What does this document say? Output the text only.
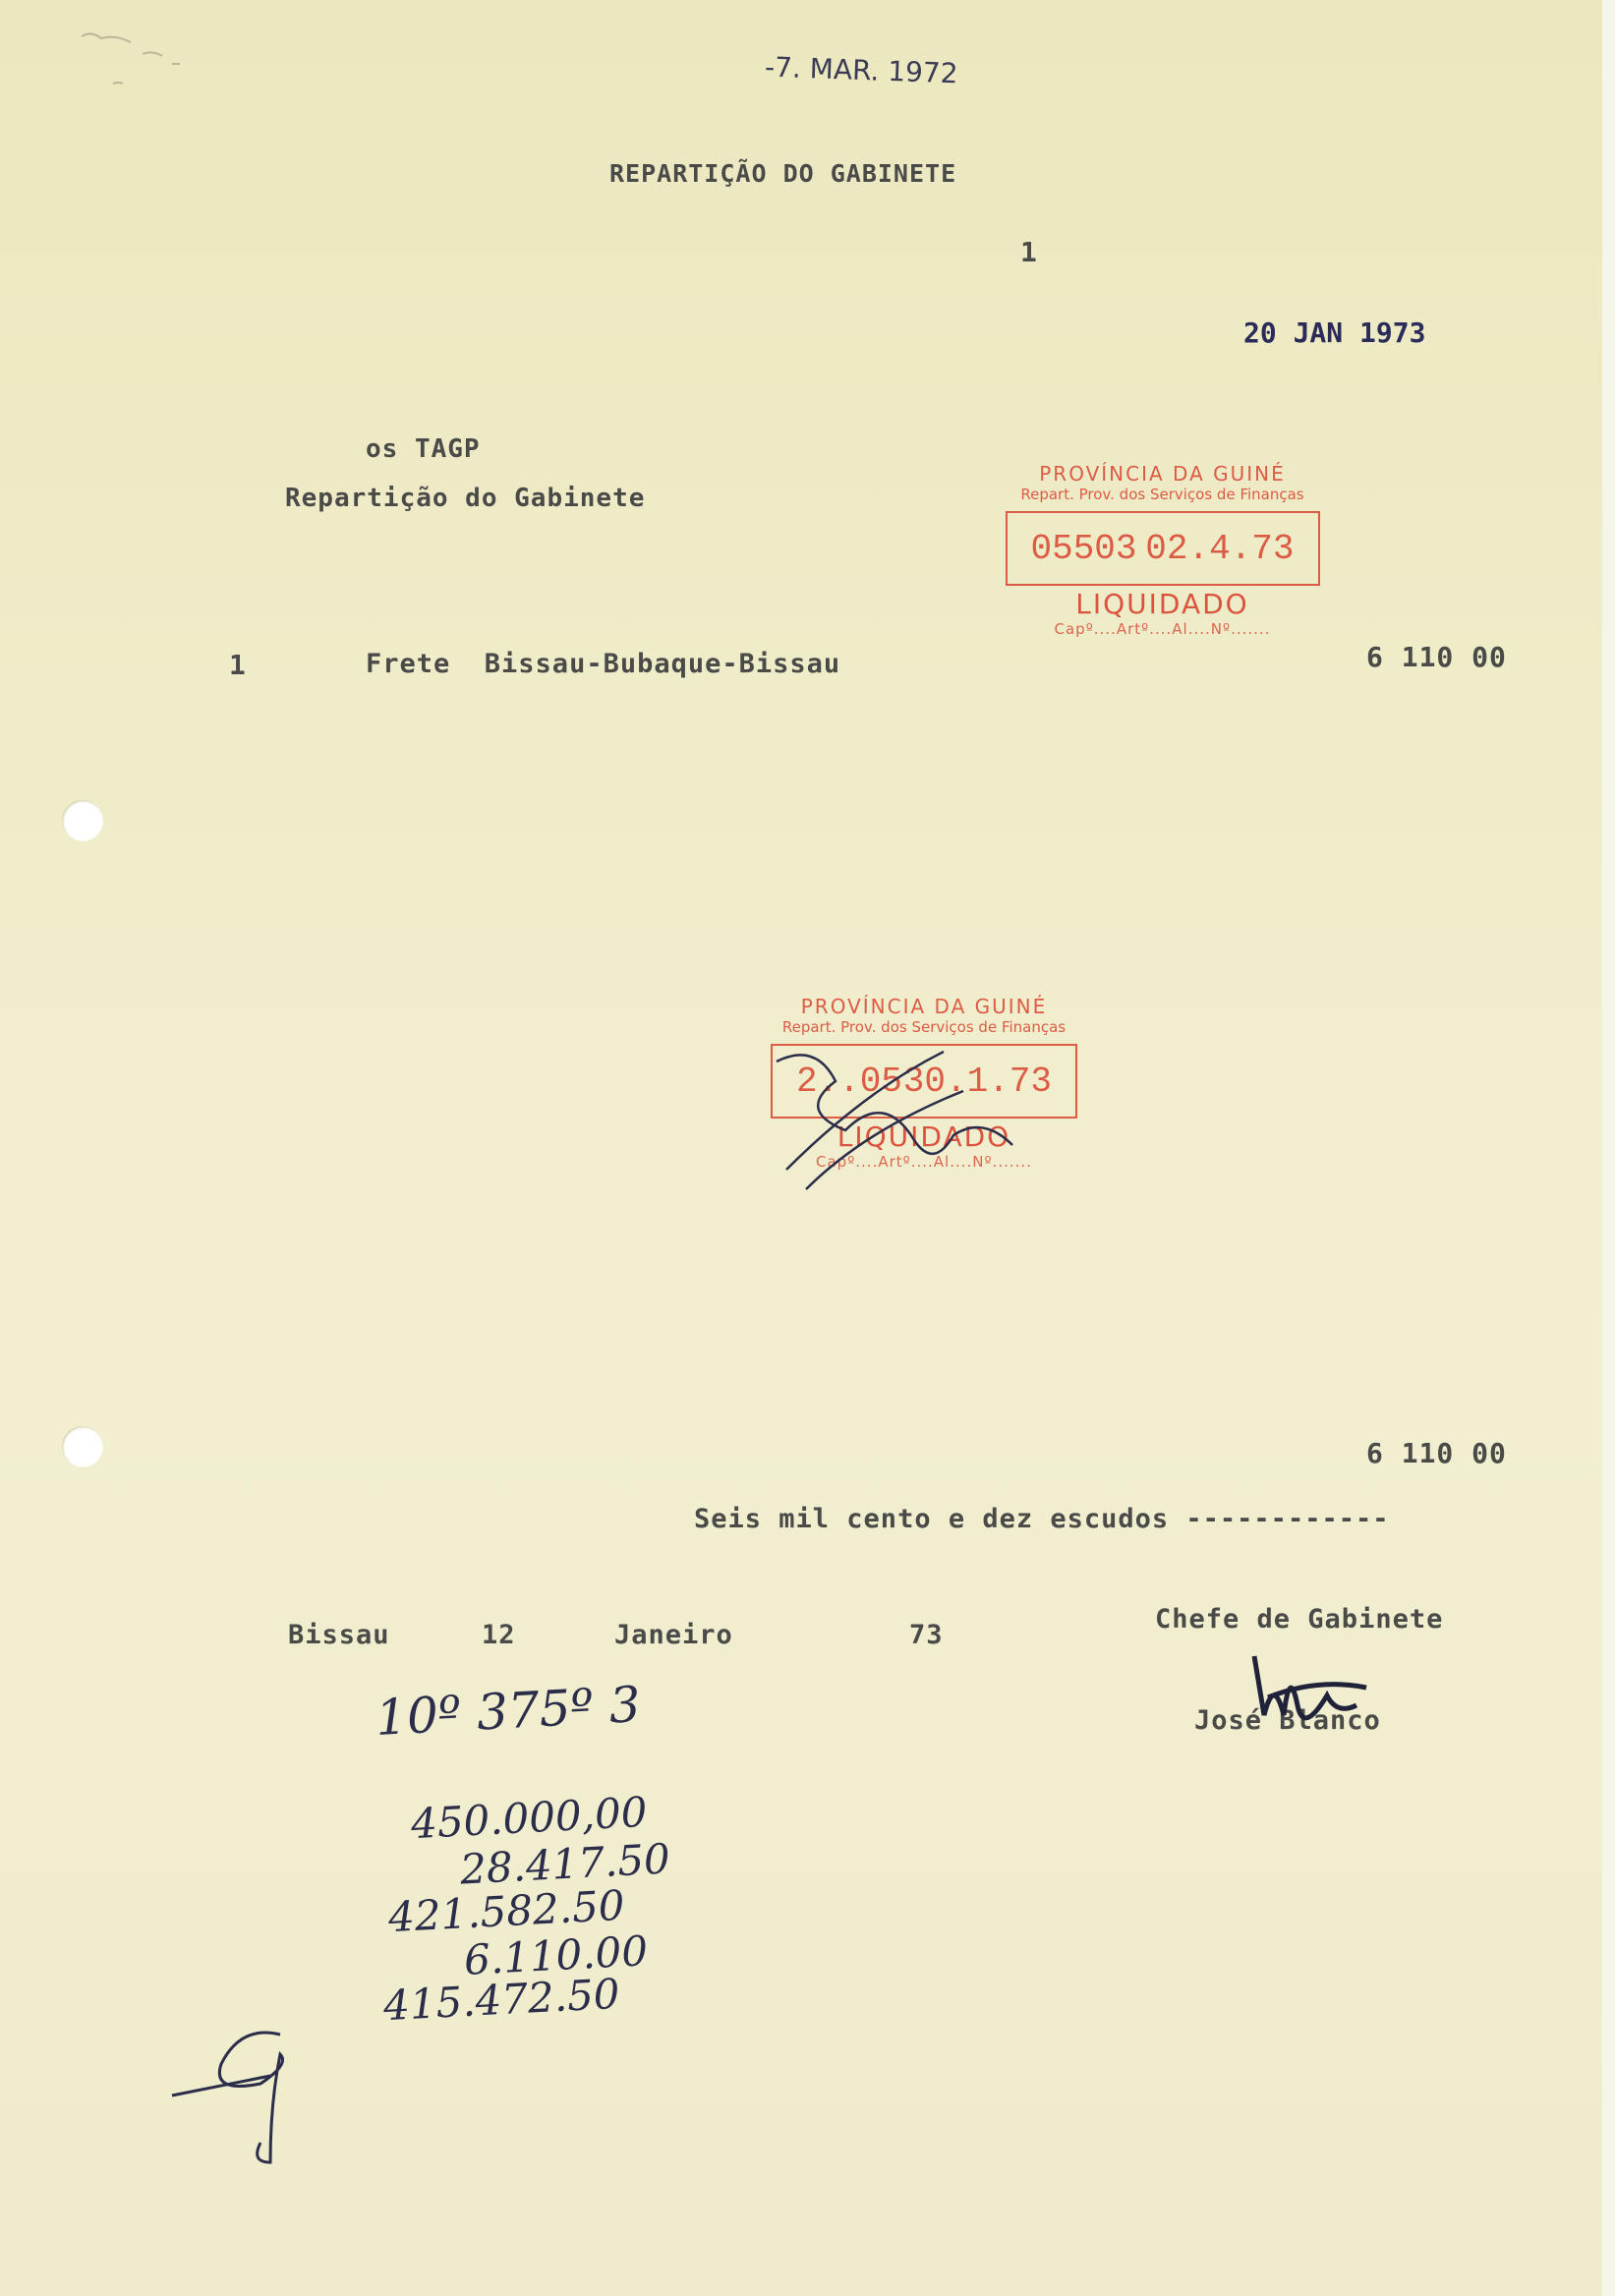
-7. MAR. 1972
REPARTIÇÃO DO GABINETE
1
20 JAN 1973
os TAGP
Repartição do Gabinete
PROVÍNCIA DA GUINÉ
Repart. Prov. dos Serviços de Finanças
05503 02.4.73
LIQUIDADO
Capº....Artº....Al....Nº.......
1	Frete  Bissau-Bubaque-Bissau	6 110 00
PROVÍNCIA DA GUINÉ
Repart. Prov. dos Serviços de Finanças
2..05 30.1.73
LIQUIDADO
Capº....Artº....Al....Nº.......
6 110 00
Seis mil cento e dez escudos ------------
Bissau	12	Janeiro	73
Chefe de Gabinete
José Blanco
10º 375º 3
450.000,00
28.417.50
421.582.50
6.110.00
415.472.50
